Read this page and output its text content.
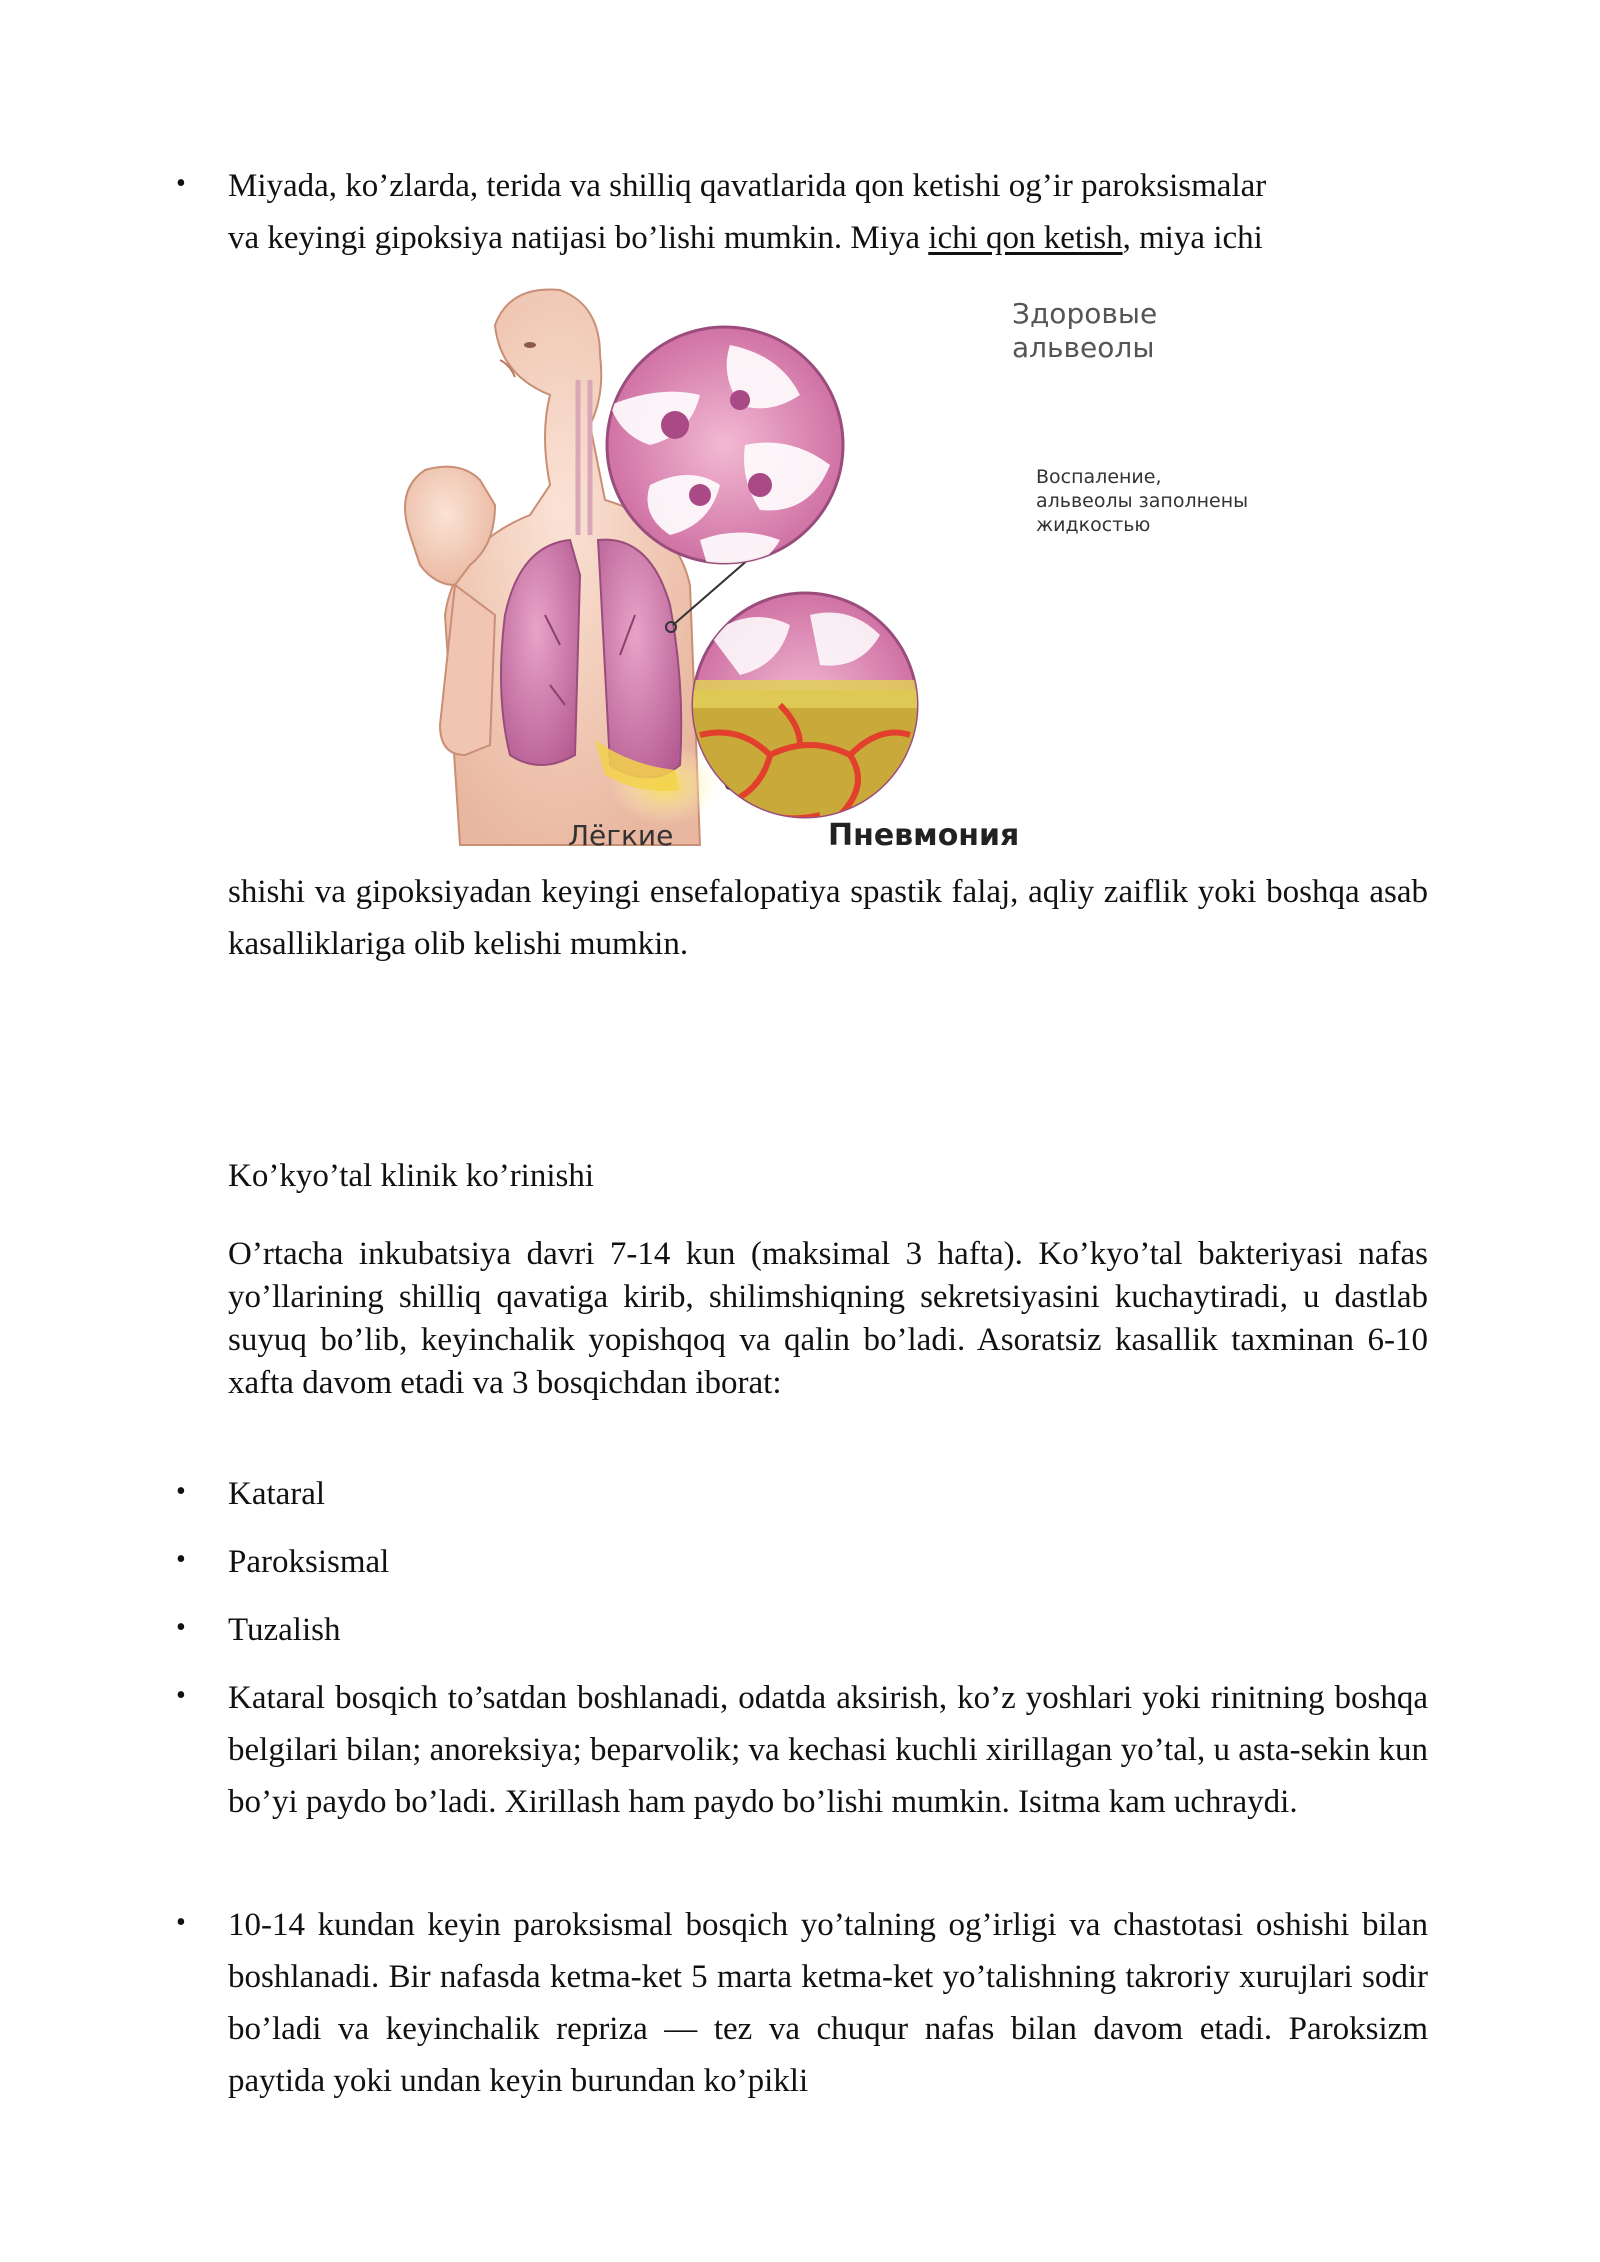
• Miyada, ko’zlarda, terida va shilliq qavatlarida qon ketishi og’ir paroksismalar
va keyingi gipoksiya natijasi bo’lishi mumkin. Miya ichi qon ketish, miya ichi
Здоровые
альвеолы
Воспаление,
альвеолы заполнены
жидкостью
Лёгкие	Пневмония
shishi va gipoksiyadan keyingi ensefalopatiya spastik falaj, aqliy zaiflik yoki boshqa asab kasalliklariga olib kelishi mumkin.
Ko’kyo’tal klinik ko’rinishi
O’rtacha inkubatsiya davri 7-14 kun (maksimal 3 hafta). Ko’kyo’tal bakteriyasi nafas yo’llarining shilliq qavatiga kirib, shilimshiqning sekretsiyasini kuchaytiradi, u dastlab suyuq bo’lib, keyinchalik yopishqoq va qalin bo’ladi. Asoratsiz kasallik taxminan 6-10 xafta davom etadi va 3 bosqichdan iborat:
• Kataral
• Paroksismal
• Tuzalish
• Kataral bosqich to’satdan boshlanadi, odatda aksirish, ko’z yoshlari yoki rinitning boshqa belgilari bilan; anoreksiya; beparvolik; va kechasi kuchli xirillagan yo’tal, u asta-sekin kun bo’yi paydo bo’ladi. Xirillash ham paydo bo’lishi mumkin. Isitma kam uchraydi.
• 10-14 kundan keyin paroksismal bosqich yo’talning og’irligi va chastotasi oshishi bilan boshlanadi. Bir nafasda ketma-ket 5 marta ketma-ket yo’talishning takroriy xurujlari sodir bo’ladi va keyinchalik repriza — tez va chuqur nafas bilan davom etadi. Paroksizm paytida yoki undan keyin burundan ko’pikli
